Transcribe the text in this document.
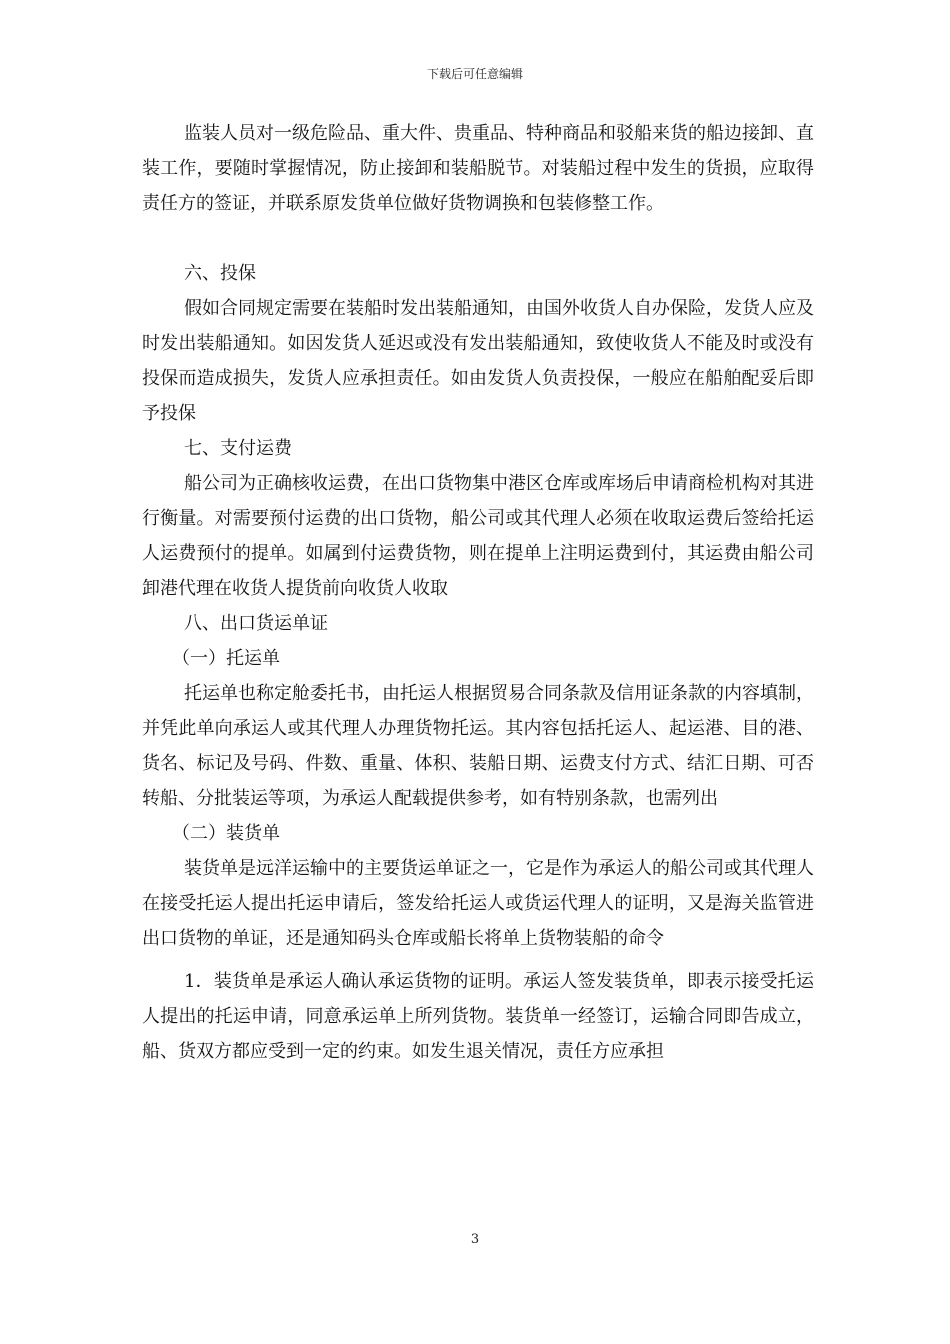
下载后可任意编辑

监装人员对一级危险品、重大件、贵重品、特种商品和驳船来货的船边接卸、直装工作，要随时掌握情况，防止接卸和装船脱节。对装船过程中发生的货损，应取得责任方的签证，并联系原发货单位做好货物调换和包装修整工作。

六、投保

假如合同规定需要在装船时发出装船通知，由国外收货人自办保险，发货人应及时发出装船通知。如因发货人延迟或没有发出装船通知，致使收货人不能及时或没有投保而造成损失，发货人应承担责任。如由发货人负责投保，一般应在船舶配妥后即予投保

七、支付运费

船公司为正确核收运费，在出口货物集中港区仓库或库场后申请商检机构对其进行衡量。对需要预付运费的出口货物，船公司或其代理人必须在收取运费后签给托运人运费预付的提单。如属到付运费货物，则在提单上注明运费到付，其运费由船公司卸港代理在收货人提货前向收货人收取

八、出口货运单证

（一）托运单

托运单也称定舱委托书，由托运人根据贸易合同条款及信用证条款的内容填制，并凭此单向承运人或其代理人办理货物托运。其内容包括托运人、起运港、目的港、货名、标记及号码、件数、重量、体积、装船日期、运费支付方式、结汇日期、可否转船、分批装运等项，为承运人配载提供参考，如有特别条款，也需列出

（二）装货单

装货单是远洋运输中的主要货运单证之一，它是作为承运人的船公司或其代理人在接受托运人提出托运申请后，签发给托运人或货运代理人的证明，又是海关监管进出口货物的单证，还是通知码头仓库或船长将单上货物装船的命令

1．装货单是承运人确认承运货物的证明。承运人签发装货单，即表示接受托运人提出的托运申请，同意承运单上所列货物。装货单一经签订，运输合同即告成立，船、货双方都应受到一定的约束。如发生退关情况，责任方应承担

3
